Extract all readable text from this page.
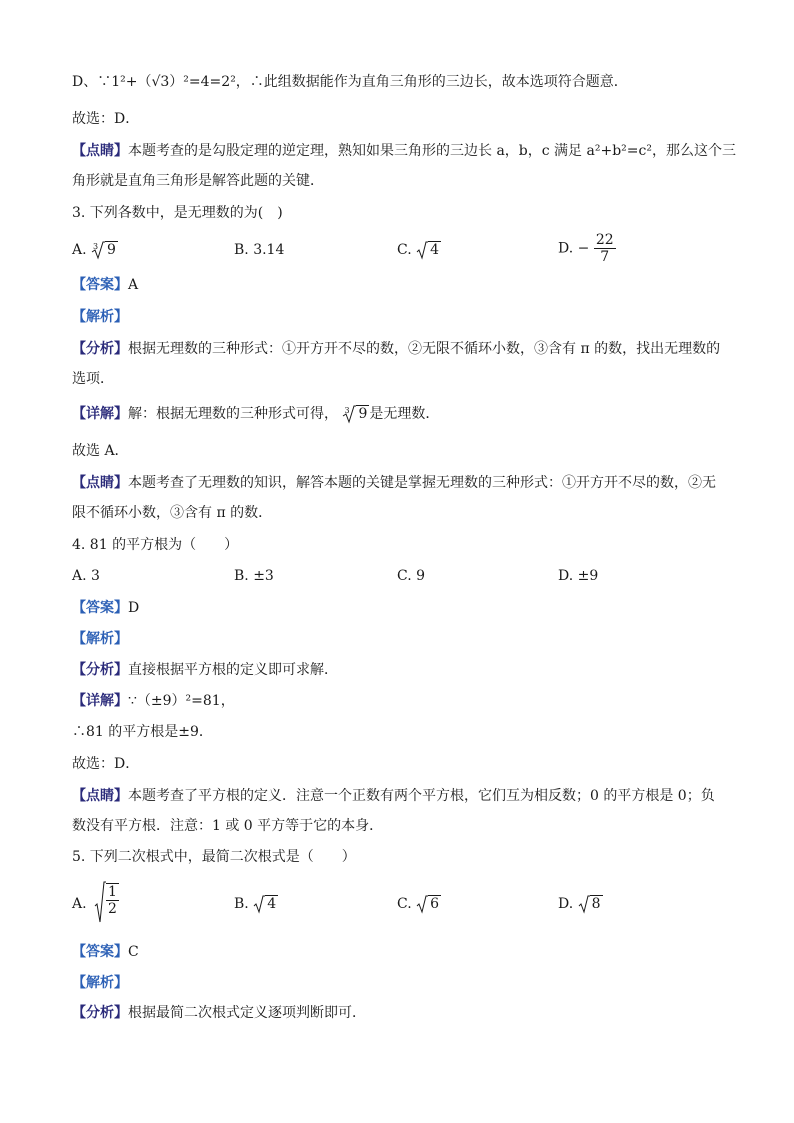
D、∵1²+（√3）²=4=2²，∴此组数据能作为直角三角形的三边长，故本选项符合题意．
故选：D．
【点睛】本题考查的是勾股定理的逆定理，熟知如果三角形的三边长 a，b，c 满足 a²+b²=c²，那么这个三
角形就是直角三角形是解答此题的关键．
3. 下列各数中，是无理数的为(　)
A. 3 9	B. 3.14	C. 4	D. − $\frac{22}{7}$
【答案】A
【解析】
【分析】根据无理数的三种形式：①开方开不尽的数，②无限不循环小数，③含有 π 的数，找出无理数的
选项．
【详解】解：根据无理数的三种形式可得， 3 9 是无理数．
故选 A．
【点睛】本题考查了无理数的知识，解答本题的关键是掌握无理数的三种形式：①开方开不尽的数，②无
限不循环小数，③含有 π 的数．
4. 81 的平方根为（　　）
A. 3	B. ±3	C. 9	D. ±9
【答案】D
【解析】
【分析】直接根据平方根的定义即可求解．
【详解】∵（±9）²=81，
∴81 的平方根是±9．
故选：D．
【点睛】本题考查了平方根的定义．注意一个正数有两个平方根，它们互为相反数；0 的平方根是 0；负
数没有平方根．注意：1 或 0 平方等于它的本身．
5. 下列二次根式中，最简二次根式是（　　）
A. $\frac{1}{2}$	B. 4	C. 6	D. 8
【答案】C
【解析】
【分析】根据最简二次根式定义逐项判断即可．
